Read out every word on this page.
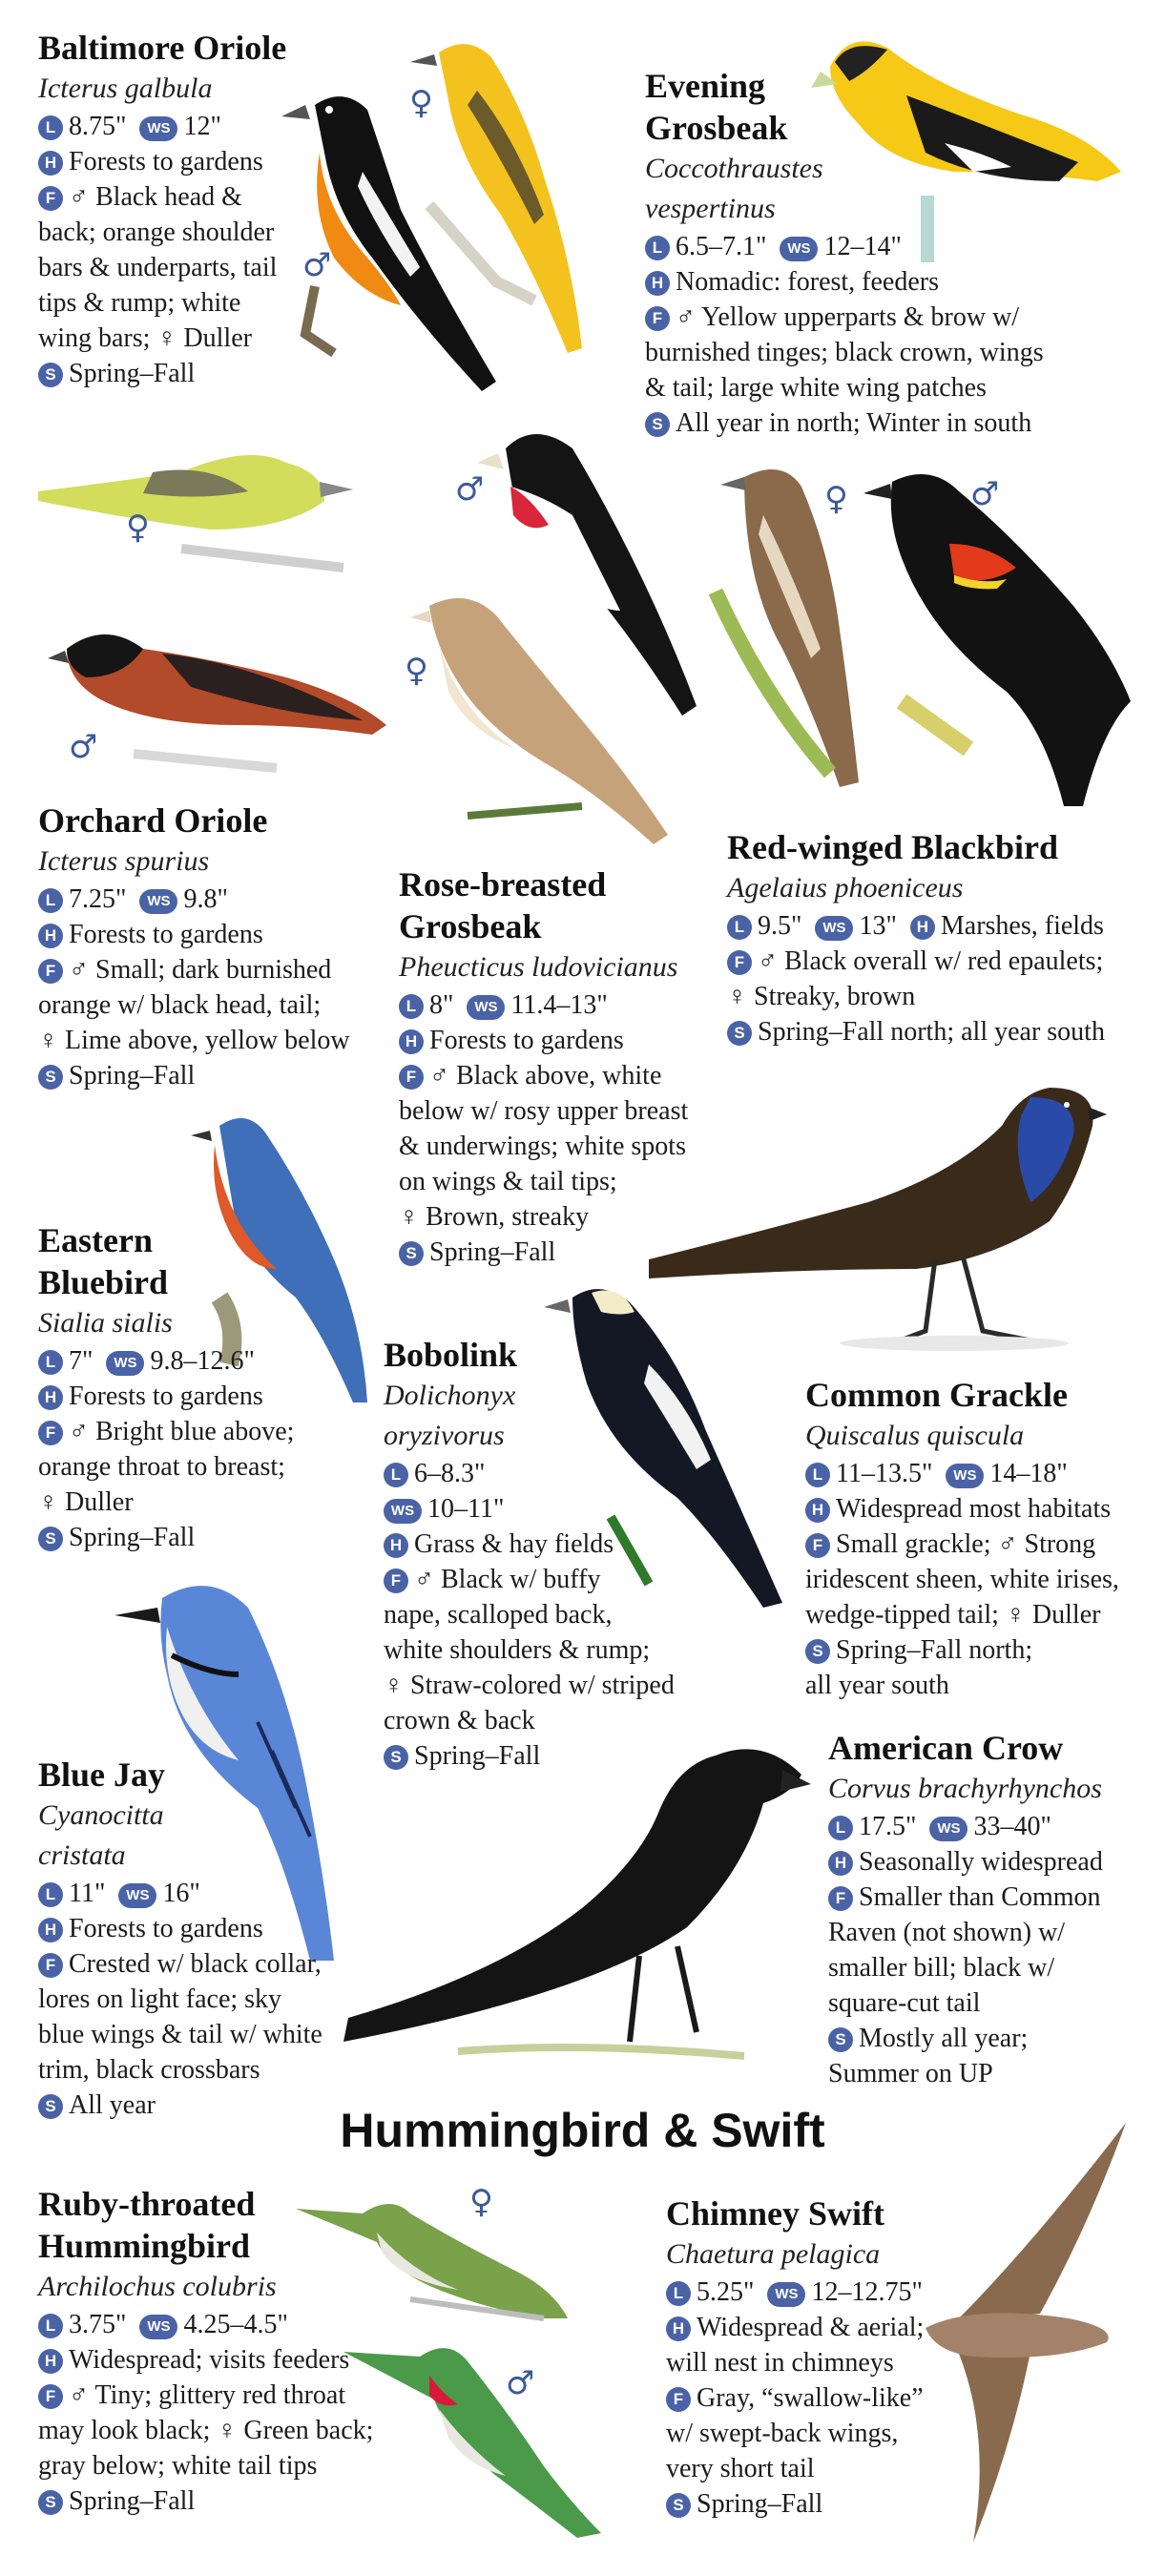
♂
♀
♀
♂
♂
♀
♀	♂
♀
♂
Baltimore Oriole
Icterus galbula
L 8.75" WS 12"
H Forests to gardens
F ♂ Black head &
back; orange shoulder
bars & underparts, tail
tips & rump; white
wing bars; ♀ Duller
S Spring–Fall
Evening
Grosbeak
Coccothraustes
vespertinus
L 6.5–7.1" WS 12–14"
H Nomadic: forest, feeders
F ♂ Yellow upperparts & brow w/
burnished tinges; black crown, wings
& tail; large white wing patches
S All year in north; Winter in south
Orchard Oriole
Icterus spurius
L 7.25" WS 9.8"
H Forests to gardens
F ♂ Small; dark burnished
orange w/ black head, tail;
♀ Lime above, yellow below
S Spring–Fall
Rose-breasted
Grosbeak
Pheucticus ludovicianus
L 8" WS 11.4–13"
H Forests to gardens
F ♂ Black above, white
below w/ rosy upper breast
& underwings; white spots
on wings & tail tips;
♀ Brown, streaky
S Spring–Fall
Red-winged Blackbird
Agelaius phoeniceus
L 9.5" WS 13" H Marshes, fields
F ♂ Black overall w/ red epaulets;
♀ Streaky, brown
S Spring–Fall north; all year south
Eastern
Bluebird
Sialia sialis
L 7" WS 9.8–12.6"
H Forests to gardens
F ♂ Bright blue above;
orange throat to breast;
♀ Duller
S Spring–Fall
Bobolink
Dolichonyx
oryzivorus
L 6–8.3"
WS 10–11"
H Grass & hay fields
F ♂ Black w/ buffy
nape, scalloped back,
white shoulders & rump;
♀ Straw-colored w/ striped
crown & back
S Spring–Fall
Common Grackle
Quiscalus quiscula
L 11–13.5" WS 14–18"
H Widespread most habitats
F Small grackle; ♂ Strong
iridescent sheen, white irises,
wedge-tipped tail; ♀ Duller
S Spring–Fall north;
all year south
Blue Jay
Cyanocitta
cristata
L 11" WS 16"
H Forests to gardens
F Crested w/ black collar,
lores on light face; sky
blue wings & tail w/ white
trim, black crossbars
S All year
American Crow
Corvus brachyrhynchos
L 17.5" WS 33–40"
H Seasonally widespread
F Smaller than Common
Raven (not shown) w/
smaller bill; black w/
square-cut tail
S Mostly all year;
Summer on UP
Hummingbird & Swift
Ruby-throated
Hummingbird
Archilochus colubris
L 3.75" WS 4.25–4.5"
H Widespread; visits feeders
F ♂ Tiny; glittery red throat
may look black; ♀ Green back;
gray below; white tail tips
S Spring–Fall
Chimney Swift
Chaetura pelagica
L 5.25" WS 12–12.75"
H Widespread & aerial;
will nest in chimneys
F Gray, “swallow-like”
w/ swept-back wings,
very short tail
S Spring–Fall
